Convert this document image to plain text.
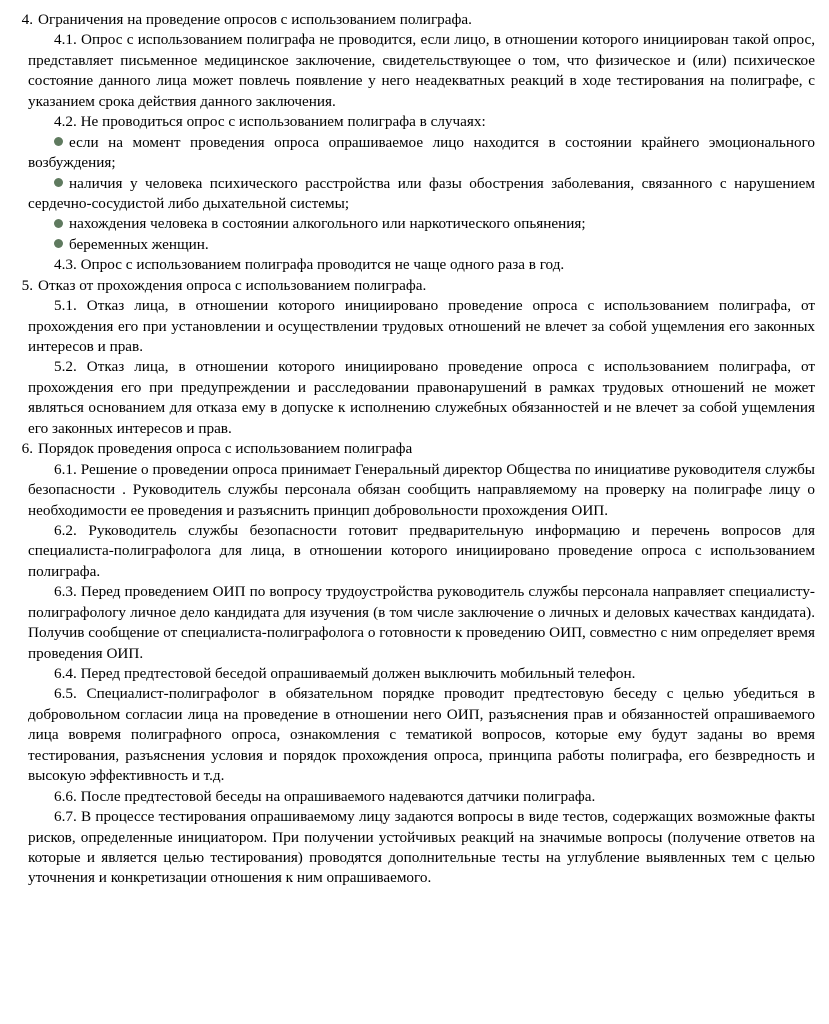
4. Ограничения на проведение опросов с использованием полиграфа.

4.1. Опрос с использованием полиграфа не проводится, если лицо, в отношении которого инициирован такой опрос, представляет письменное медицинское заключение, свидетельствующее о том, что физическое и (или) психическое состояние данного лица может повлечь появление у него неадекватных реакций в ходе тестирования на полиграфе, с указанием срока действия данного заключения.

4.2. Не проводиться опрос с использованием полиграфа в случаях:

если на момент проведения опроса опрашиваемое лицо находится в состоянии крайнего эмоционального возбуждения;

наличия у человека психического расстройства или фазы обострения заболевания, связанного с нарушением сердечно-сосудистой либо дыхательной системы;

нахождения человека в состоянии алкогольного или наркотического опьянения;

беременных женщин.

4.3. Опрос с использованием полиграфа проводится не чаще одного раза в год.

5. Отказ от прохождения опроса с использованием полиграфа.

5.1. Отказ лица, в отношении которого инициировано проведение опроса с использованием полиграфа, от прохождения его при установлении и осуществлении трудовых отношений не влечет за собой ущемления его законных интересов и прав.

5.2. Отказ лица, в отношении которого инициировано проведение опроса с использованием полиграфа, от прохождения его при предупреждении и расследовании правонарушений в рамках трудовых отношений не может являться основанием для отказа ему в допуске к исполнению служебных обязанностей и не влечет за собой ущемления его законных интересов и прав.

6. Порядок проведения опроса с использованием полиграфа

6.1. Решение о проведении опроса принимает Генеральный директор Общества по инициативе руководителя службы безопасности . Руководитель службы персонала обязан сообщить направляемому на проверку на полиграфе лицу о необходимости ее проведения и разъяснить принцип добровольности прохождения ОИП.

6.2. Руководитель службы безопасности готовит предварительную информацию и перечень вопросов для специалиста-полиграфолога для лица, в отношении которого инициировано проведение опроса с использованием полиграфа.

6.3. Перед проведением ОИП по вопросу трудоустройства руководитель службы персонала направляет специалисту-полиграфологу личное дело кандидата для изучения (в том числе заключение о личных и деловых качествах кандидата). Получив сообщение от специалиста-полиграфолога о готовности к проведению ОИП, совместно с ним определяет время проведения ОИП.

6.4. Перед предтестовой беседой опрашиваемый должен выключить мобильный телефон.

6.5. Специалист-полиграфолог в обязательном порядке проводит предтестовую беседу с целью убедиться в добровольном согласии лица на проведение в отношении него ОИП, разъяснения прав и обязанностей опрашиваемого лица вовремя полиграфного опроса, ознакомления с тематикой вопросов, которые ему будут заданы во время тестирования, разъяснения условия и порядок прохождения опроса, принципа работы полиграфа, его безвредность и высокую эффективность и т.д.

6.6. После предтестовой беседы на опрашиваемого надеваются датчики полиграфа.

6.7. В процессе тестирования опрашиваемому лицу задаются вопросы в виде тестов, содержащих возможные факты рисков, определенные инициатором. При получении устойчивых реакций на значимые вопросы (получение ответов на которые и является целью тестирования) проводятся дополнительные тесты на углубление выявленных тем с целью уточнения и конкретизации отношения к ним опрашиваемого.
